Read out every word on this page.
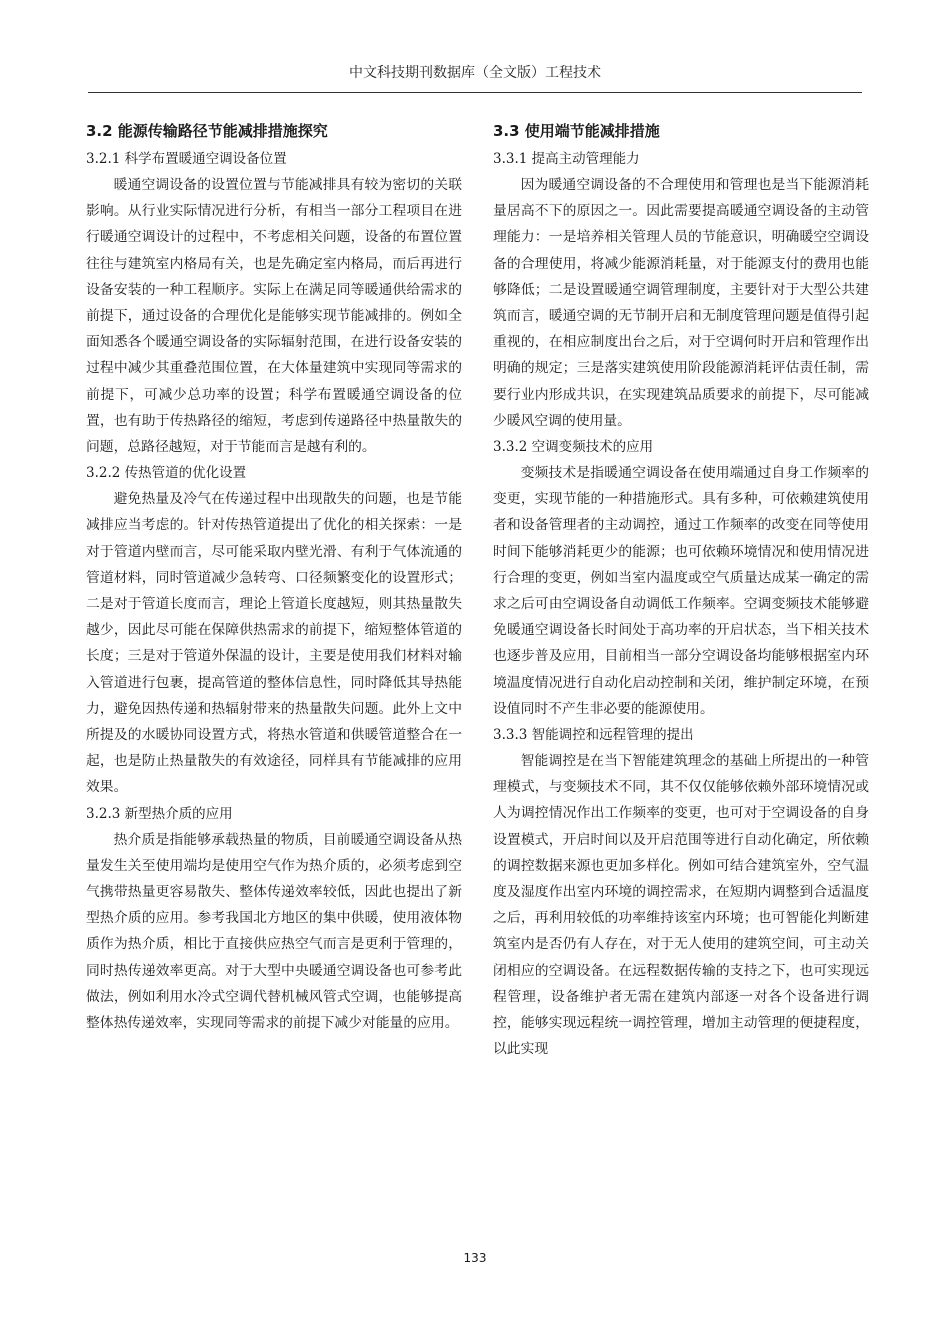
中文科技期刊数据库（全文版）工程技术
3.2 能源传输路径节能减排措施探究
3.2.1 科学布置暖通空调设备位置

暖通空调设备的设置位置与节能减排具有较为密切的关联影响。从行业实际情况进行分析，有相当一部分工程项目在进行暖通空调设计的过程中，不考虑相关问题，设备的布置位置往往与建筑室内格局有关，也是先确定室内格局，而后再进行设备安装的一种工程顺序。实际上在满足同等暖通供给需求的前提下，通过设备的合理优化是能够实现节能减排的。例如全面知悉各个暖通空调设备的实际辐射范围，在进行设备安装的过程中减少其重叠范围位置，在大体量建筑中实现同等需求的前提下，可减少总功率的设置；科学布置暖通空调设备的位置，也有助于传热路径的缩短，考虑到传递路径中热量散失的问题，总路径越短，对于节能而言是越有利的。

3.2.2 传热管道的优化设置

避免热量及冷气在传递过程中出现散失的问题，也是节能减排应当考虑的。针对传热管道提出了优化的相关探索：一是对于管道内壁而言，尽可能采取内壁光滑、有利于气体流通的管道材料，同时管道减少急转弯、口径频繁变化的设置形式；二是对于管道长度而言，理论上管道长度越短，则其热量散失越少，因此尽可能在保障供热需求的前提下，缩短整体管道的长度；三是对于管道外保温的设计，主要是使用我们材料对输入管道进行包裹，提高管道的整体信息性，同时降低其导热能力，避免因热传递和热辐射带来的热量散失问题。此外上文中所提及的水暖协同设置方式，将热水管道和供暖管道整合在一起，也是防止热量散失的有效途径，同样具有节能减排的应用效果。

3.2.3 新型热介质的应用

热介质是指能够承载热量的物质，目前暖通空调设备从热量发生关至使用端均是使用空气作为热介质的，必须考虑到空气携带热量更容易散失、整体传递效率较低，因此也提出了新型热介质的应用。参考我国北方地区的集中供暖，使用液体物质作为热介质，相比于直接供应热空气而言是更利于管理的，同时热传递效率更高。对于大型中央暖通空调设备也可参考此做法，例如利用水冷式空调代替机械风管式空调，也能够提高整体热传递效率，实现同等需求的前提下减少对能量的应用。

3.3 使用端节能减排措施
3.3.1 提高主动管理能力

因为暖通空调设备的不合理使用和管理也是当下能源消耗量居高不下的原因之一。因此需要提高暖通空调设备的主动管理能力：一是培养相关管理人员的节能意识，明确暖空空调设备的合理使用，将减少能源消耗量，对于能源支付的费用也能够降低；二是设置暖通空调管理制度，主要针对于大型公共建筑而言，暖通空调的无节制开启和无制度管理问题是值得引起重视的，在相应制度出台之后，对于空调何时开启和管理作出明确的规定；三是落实建筑使用阶段能源消耗评估责任制，需要行业内形成共识，在实现建筑品质要求的前提下，尽可能减少暖风空调的使用量。

3.3.2 空调变频技术的应用

变频技术是指暖通空调设备在使用端通过自身工作频率的变更，实现节能的一种措施形式。具有多种，可依赖建筑使用者和设备管理者的主动调控，通过工作频率的改变在同等使用时间下能够消耗更少的能源；也可依赖环境情况和使用情况进行合理的变更，例如当室内温度或空气质量达成某一确定的需求之后可由空调设备自动调低工作频率。空调变频技术能够避免暖通空调设备长时间处于高功率的开启状态，当下相关技术也逐步普及应用，目前相当一部分空调设备均能够根据室内环境温度情况进行自动化启动控制和关闭，维护制定环境，在预设值同时不产生非必要的能源使用。

3.3.3 智能调控和远程管理的提出

智能调控是在当下智能建筑理念的基础上所提出的一种管理模式，与变频技术不同，其不仅仅能够依赖外部环境情况或人为调控情况作出工作频率的变更，也可对于空调设备的自身设置模式，开启时间以及开启范围等进行自动化确定，所依赖的调控数据来源也更加多样化。例如可结合建筑室外，空气温度及湿度作出室内环境的调控需求，在短期内调整到合适温度之后，再利用较低的功率维持该室内环境；也可智能化判断建筑室内是否仍有人存在，对于无人使用的建筑空间，可主动关闭相应的空调设备。在远程数据传输的支持之下，也可实现远程管理，设备维护者无需在建筑内部逐一对各个设备进行调控，能够实现远程统一调控管理，增加主动管理的便捷程度，以此实现

133
